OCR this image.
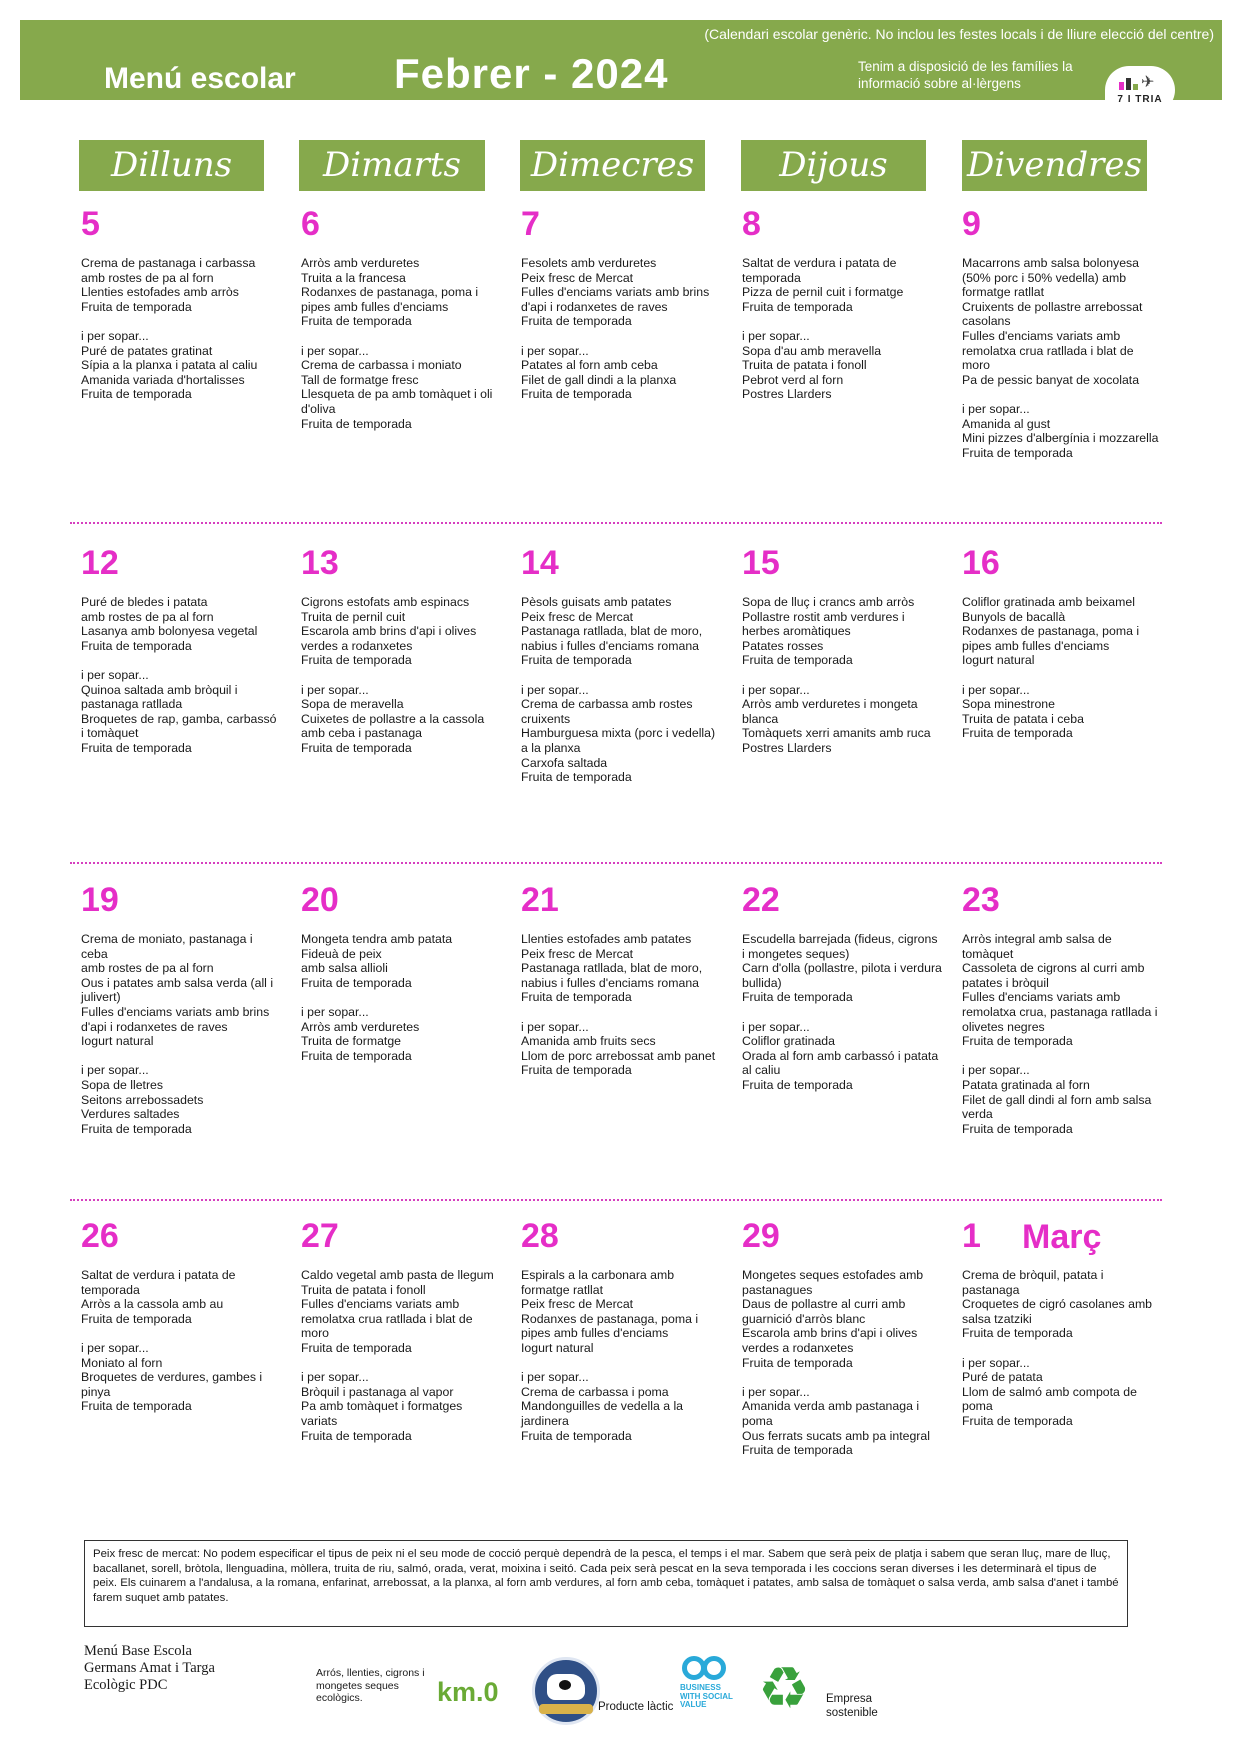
Menú escolar Febrer - 2024
(Calendari escolar genèric. No inclou les festes locals i de lliure elecció del centre)
Tenim a disposició de les famílies la informació sobre al·lèrgens	✈
7 I TRIA
Dilluns	Dimarts	Dimecres	Dijous	Divendres
5
Crema de pastanaga i carbassa
amb rostes de pa al forn
Llenties estofades amb arròs
Fruita de temporada
i per sopar...
Puré de patates gratinat
Sípia a la planxa i patata al caliu
Amanida variada d'hortalisses
Fruita de temporada
6
Arròs amb verduretes
Truita a la francesa
Rodanxes de pastanaga, poma i pipes amb fulles d'enciams
Fruita de temporada
i per sopar...
Crema de carbassa i moniato
Tall de formatge fresc
Llesqueta de pa amb tomàquet i oli d'oliva
Fruita de temporada
7
Fesolets amb verduretes
Peix fresc de Mercat
Fulles d'enciams variats amb brins d'api i rodanxetes de raves
Fruita de temporada
i per sopar...
Patates al forn amb ceba
Filet de gall dindi a la planxa
Fruita de temporada
8
Saltat de verdura i patata de temporada
Pizza de pernil cuit i formatge
Fruita de temporada
i per sopar...
Sopa d'au amb meravella
Truita de patata i fonoll
Pebrot verd al forn
Postres Llarders
9
Macarrons amb salsa bolonyesa (50% porc i 50% vedella) amb formatge ratllat
Cruixents de pollastre arrebossat casolans
Fulles d'enciams variats amb remolatxa crua ratllada i blat de moro
Pa de pessic banyat de xocolata
i per sopar...
Amanida al gust
Mini pizzes d'albergínia i mozzarella
Fruita de temporada
12
Puré de bledes i patata
amb rostes de pa al forn
Lasanya amb bolonyesa vegetal
Fruita de temporada
i per sopar...
Quinoa saltada amb bròquil i pastanaga ratllada
Broquetes de rap, gamba, carbassó i tomàquet
Fruita de temporada
13
Cigrons estofats amb espinacs
Truita de pernil cuit
Escarola amb brins d'api i olives verdes a rodanxetes
Fruita de temporada
i per sopar...
Sopa de meravella
Cuixetes de pollastre a la cassola amb ceba i pastanaga
Fruita de temporada
14
Pèsols guisats amb patates
Peix fresc de Mercat
Pastanaga ratllada, blat de moro, nabius i fulles d'enciams romana
Fruita de temporada
i per sopar...
Crema de carbassa amb rostes cruixents
Hamburguesa mixta (porc i vedella) a la planxa
Carxofa saltada
Fruita de temporada
15
Sopa de lluç i crancs amb arròs
Pollastre rostit amb verdures i herbes aromàtiques
Patates rosses
Fruita de temporada
i per sopar...
Arròs amb verduretes i mongeta blanca
Tomàquets xerri amanits amb ruca
Postres Llarders
16
Coliflor gratinada amb beixamel
Bunyols de bacallà
Rodanxes de pastanaga, poma i pipes amb fulles d'enciams
Iogurt natural
i per sopar...
Sopa minestrone
Truita de patata i ceba
Fruita de temporada
19
Crema de moniato, pastanaga i ceba
amb rostes de pa al forn
Ous i patates amb salsa verda (all i julivert)
Fulles d'enciams variats amb brins d'api i rodanxetes de raves
Iogurt natural
i per sopar...
Sopa de lletres
Seitons arrebossadets
Verdures saltades
Fruita de temporada
20
Mongeta tendra amb patata
Fideuà de peix
amb salsa allioli
Fruita de temporada
i per sopar...
Arròs amb verduretes
Truita de formatge
Fruita de temporada
21
Llenties estofades amb patates
Peix fresc de Mercat
Pastanaga ratllada, blat de moro, nabius i fulles d'enciams romana
Fruita de temporada
i per sopar...
Amanida amb fruits secs
Llom de porc arrebossat amb panet
Fruita de temporada
22
Escudella barrejada (fideus, cigrons i mongetes seques)
Carn d'olla (pollastre, pilota i verdura bullida)
Fruita de temporada
i per sopar...
Coliflor gratinada
Orada al forn amb carbassó i patata al caliu
Fruita de temporada
23
Arròs integral amb salsa de tomàquet
Cassoleta de cigrons al curri amb patates i bròquil
Fulles d'enciams variats amb remolatxa crua, pastanaga ratllada i olivetes negres
Fruita de temporada
i per sopar...
Patata gratinada al forn
Filet de gall dindi al forn amb salsa verda
Fruita de temporada
26
Saltat de verdura i patata de temporada
Arròs a la cassola amb au
Fruita de temporada
i per sopar...
Moniato al forn
Broquetes de verdures, gambes i pinya
Fruita de temporada
27
Caldo vegetal amb pasta de llegum
Truita de patata i fonoll
Fulles d'enciams variats amb remolatxa crua ratllada i blat de moro
Fruita de temporada
i per sopar...
Bròquil i pastanaga al vapor
Pa amb tomàquet i formatges variats
Fruita de temporada
28
Espirals a la carbonara amb formatge ratllat
Peix fresc de Mercat
Rodanxes de pastanaga, poma i pipes amb fulles d'enciams
Iogurt natural
i per sopar...
Crema de carbassa i poma
Mandonguilles de vedella a la jardinera
Fruita de temporada
29
Mongetes seques estofades amb pastanagues
Daus de pollastre al curri amb guarnició d'arròs blanc
Escarola amb brins d'api i olives verdes a rodanxetes
Fruita de temporada
i per sopar...
Amanida verda amb pastanaga i poma
Ous ferrats sucats amb pa integral
Fruita de temporada
1	Març
Crema de bròquil, patata i pastanaga
Croquetes de cigró casolanes amb salsa tzatziki
Fruita de temporada
i per sopar...
Puré de patata
Llom de salmó amb compota de poma
Fruita de temporada
Peix fresc de mercat: No podem especificar el tipus de peix ni el seu mode de cocció perquè dependrà de la pesca, el temps i el mar. Sabem que serà peix de platja i sabem que seran lluç, mare de lluç, bacallanet, sorell, bròtola, llenguadina, mòllera, truita de riu, salmó, orada, verat, moixina i seitó. Cada peix serà pescat en la seva temporada i les coccions seran diverses i les determinarà el tipus de peix. Els cuinarem a l'andalusa, a la romana, enfarinat, arrebossat, a la planxa, al forn amb verdures, al forn amb ceba, tomàquet i patates, amb salsa de tomàquet o salsa verda, amb salsa d'anet i també farem suquet amb patates.
Menú Base Escola
Germans Amat i Targa
Ecològic PDC
Arrós, llenties, cigrons i mongetes seques ecològics.	km.0	Producte làctic
BUSINESS WITH SOCIAL VALUE ♻ Empresa sostenible
